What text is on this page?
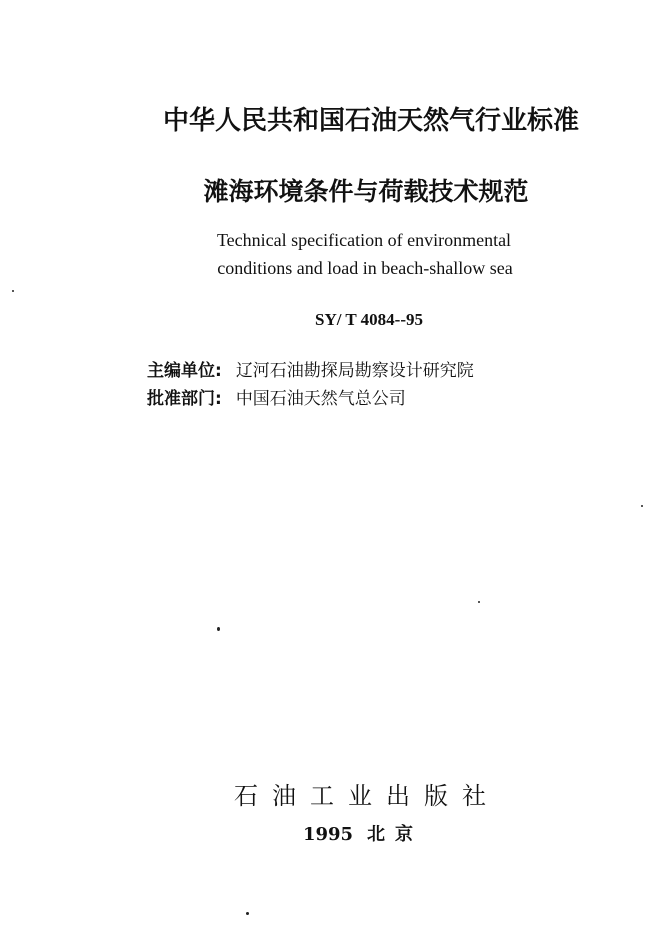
中华人民共和国石油天然气行业标准
滩海环境条件与荷载技术规范
Technical specification of environmental
conditions and load in beach-shallow sea
SY/ T 4084--95
主编单位: 辽河石油勘探局勘察设计研究院
批准部门: 中国石油天然气总公司
石油工业出版社
1995 北京
